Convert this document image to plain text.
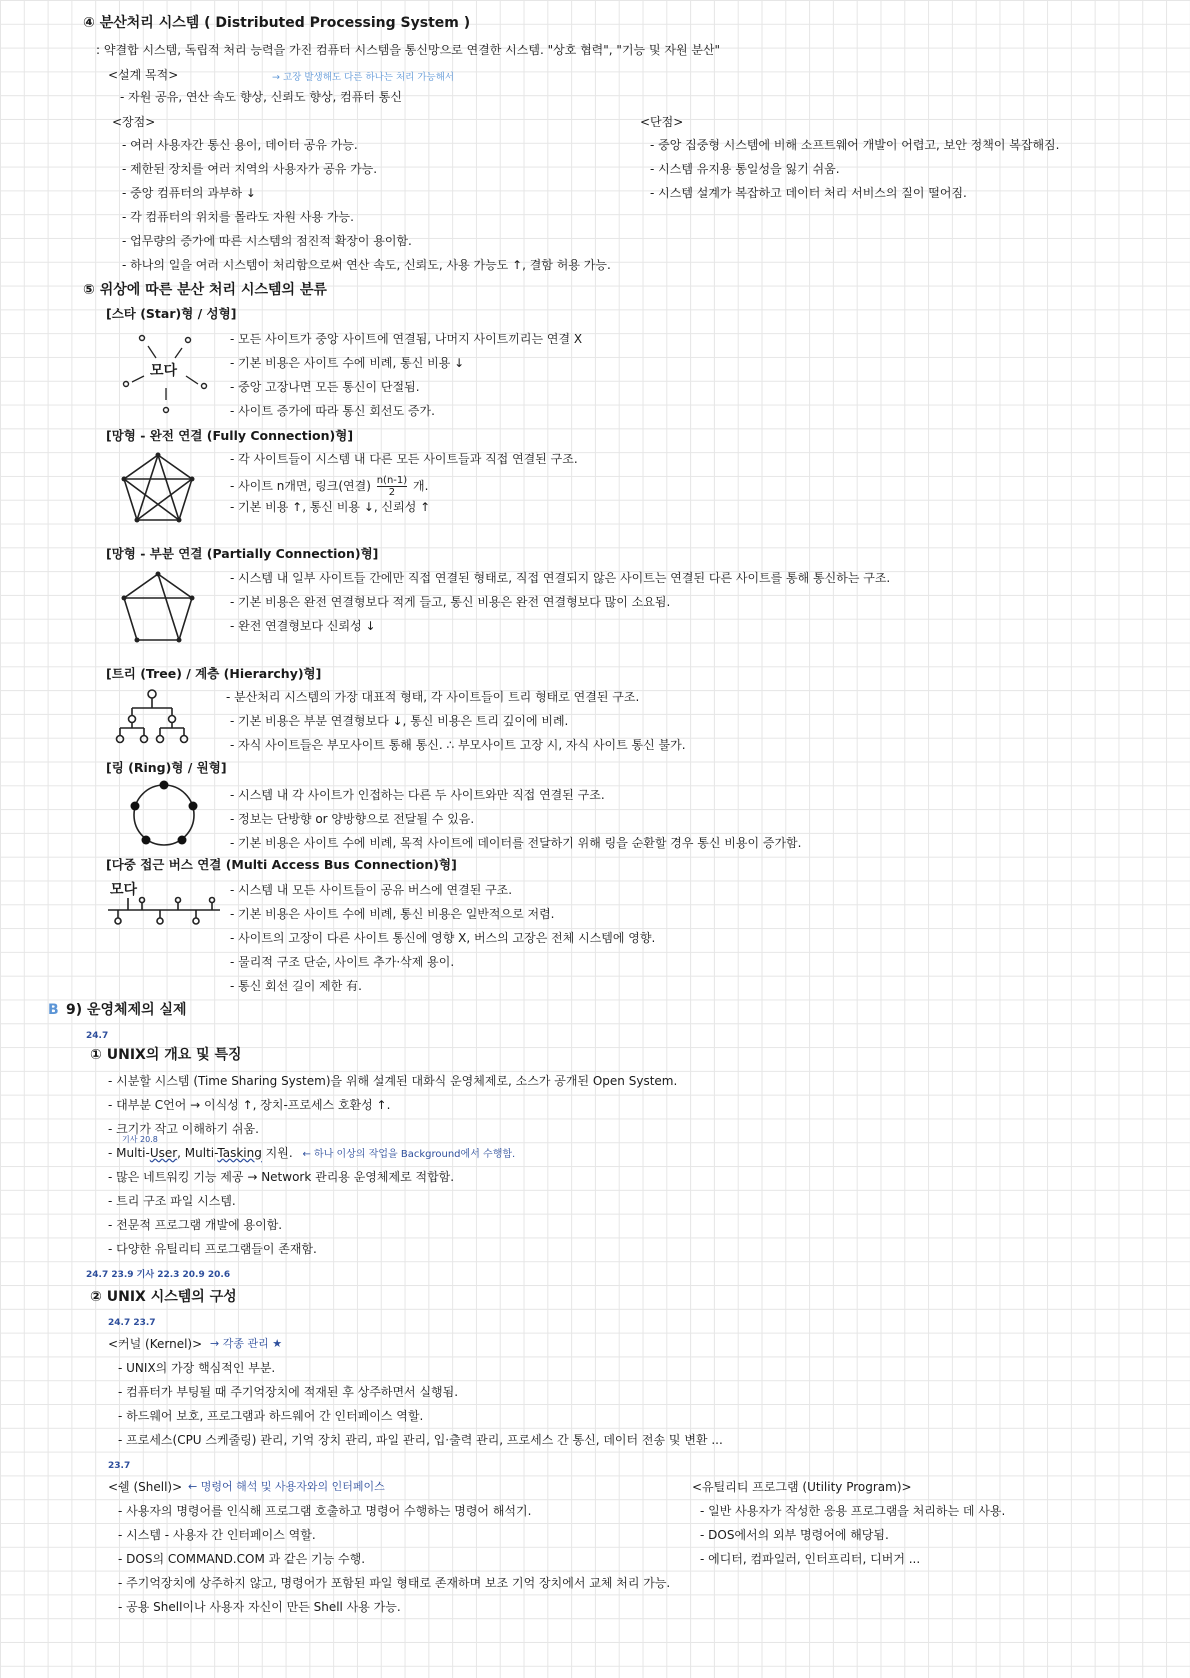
④ 분산처리 시스템 ( Distributed Processing System )
: 약결합 시스템, 독립적 처리 능력을 가진 컴퓨터 시스템을 통신망으로 연결한 시스템. "상호 협력", "기능 및 자원 분산"
<설계 목적>	→ 고장 발생해도 다른 하나는 처리 가능해서
- 자원 공유, 연산 속도 향상, 신뢰도 향상, 컴퓨터 통신
<장점>
- 여러 사용자간 통신 용이, 데이터 공유 가능.
- 제한된 장치를 여러 지역의 사용자가 공유 가능.
- 중앙 컴퓨터의 과부하 ↓
- 각 컴퓨터의 위치를 몰라도 자원 사용 가능.
- 업무량의 증가에 따른 시스템의 점진적 확장이 용이함.
- 하나의 일을 여러 시스템이 처리함으로써 연산 속도, 신뢰도, 사용 가능도 ↑, 결함 허용 가능.
<단점>
- 중앙 집중형 시스템에 비해 소프트웨어 개발이 어렵고, 보안 정책이 복잡해짐.
- 시스템 유지용 통일성을 잃기 쉬움.
- 시스템 설계가 복잡하고 데이터 처리 서비스의 질이 떨어짐.
⑤ 위상에 따른 분산 처리 시스템의 분류
[스타 (Star)형 / 성형]
모다
- 모든 사이트가 중앙 사이트에 연결됨, 나머지 사이트끼리는 연결 X
- 기본 비용은 사이트 수에 비례, 통신 비용 ↓
- 중앙 고장나면 모든 통신이 단절됨.
- 사이트 증가에 따라 통신 회선도 증가.
[망형 - 완전 연결 (Fully Connection)형]
- 각 사이트들이 시스템 내 다른 모든 사이트들과 직접 연결된 구조.
- 사이트 n개면, 링크(연결) $\frac{n(n-1)}{2}$ 개.
- 기본 비용 ↑, 통신 비용 ↓, 신뢰성 ↑
[망형 - 부분 연결 (Partially Connection)형]
- 시스템 내 일부 사이트들 간에만 직접 연결된 형태로, 직접 연결되지 않은 사이트는 연결된 다른 사이트를 통해 통신하는 구조.
- 기본 비용은 완전 연결형보다 적게 들고, 통신 비용은 완전 연결형보다 많이 소요됨.
- 완전 연결형보다 신뢰성 ↓
[트리 (Tree) / 계층 (Hierarchy)형]
- 분산처리 시스템의 가장 대표적 형태, 각 사이트들이 트리 형태로 연결된 구조.
- 기본 비용은 부분 연결형보다 ↓, 통신 비용은 트리 깊이에 비례.
- 자식 사이트들은 부모사이트 통해 통신. ∴ 부모사이트 고장 시, 자식 사이트 통신 불가.
[링 (Ring)형 / 원형]
- 시스템 내 각 사이트가 인접하는 다른 두 사이트와만 직접 연결된 구조.
- 정보는 단방향 or 양방향으로 전달될 수 있음.
- 기본 비용은 사이트 수에 비례, 목적 사이트에 데이터를 전달하기 위해 링을 순환할 경우 통신 비용이 증가함.
[다중 접근 버스 연결 (Multi Access Bus Connection)형]
모다	- 시스템 내 모든 사이트들이 공유 버스에 연결된 구조.
- 기본 비용은 사이트 수에 비례, 통신 비용은 일반적으로 저렴.
- 사이트의 고장이 다른 사이트 통신에 영향 X, 버스의 고장은 전체 시스템에 영향.
- 물리적 구조 단순, 사이트 추가·삭제 용이.
- 통신 회선 길이 제한 有.
B 9) 운영체제의 실제
24.7
① UNIX의 개요 및 특징
- 시분할 시스템 (Time Sharing System)을 위해 설계된 대화식 운영체제로, 소스가 공개된 Open System.
- 대부분 C언어 → 이식성 ↑, 장치-프로세스 호환성 ↑.
- 크기가 작고 이해하기 쉬움.
기사 20.8
- Multi-User, Multi-Tasking 지원. ← 하나 이상의 작업을 Background에서 수행함.
- 많은 네트워킹 기능 제공 → Network 관리용 운영체제로 적합함.
- 트리 구조 파일 시스템.
- 전문적 프로그램 개발에 용이함.
- 다양한 유틸리티 프로그램들이 존재함.
24.7 23.9 기사 22.3 20.9 20.6
② UNIX 시스템의 구성
24.7 23.7
<커널 (Kernel)> → 각종 관리 ★
- UNIX의 가장 핵심적인 부분.
- 컴퓨터가 부팅될 때 주기억장치에 적재된 후 상주하면서 실행됨.
- 하드웨어 보호, 프로그램과 하드웨어 간 인터페이스 역할.
- 프로세스(CPU 스케줄링) 관리, 기억 장치 관리, 파일 관리, 입·출력 관리, 프로세스 간 통신, 데이터 전송 및 변환 ...
23.7
<쉘 (Shell)> ← 명령어 해석 및 사용자와의 인터페이스
- 사용자의 명령어를 인식해 프로그램 호출하고 명령어 수행하는 명령어 해석기.
- 시스템 - 사용자 간 인터페이스 역할.
- DOS의 COMMAND.COM 과 같은 기능 수행.
- 주기억장치에 상주하지 않고, 명령어가 포함된 파일 형태로 존재하며 보조 기억 장치에서 교체 처리 가능.
- 공용 Shell이나 사용자 자신이 만든 Shell 사용 가능.
<유틸리티 프로그램 (Utility Program)>
- 일반 사용자가 작성한 응용 프로그램을 처리하는 데 사용.
- DOS에서의 외부 명령어에 해당됨.
- 에디터, 컴파일러, 인터프리터, 디버거 ...
